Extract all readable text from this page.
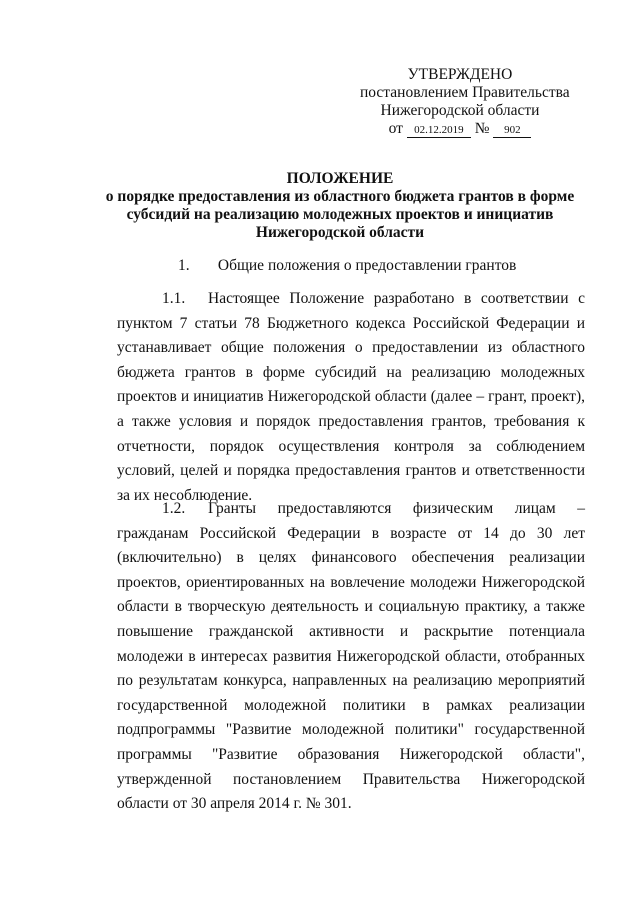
УТВЕРЖДЕНО
постановлением Правительства
Нижегородской области
от 02.12.2019 № 902
ПОЛОЖЕНИЕ
о порядке предоставления из областного бюджета грантов в форме
субсидий на реализацию молодежных проектов и инициатив
Нижегородской области
1. Общие положения о предоставлении грантов

1.1. Настоящее Положение разработано в соответствии с пунктом 7 статьи 78 Бюджетного кодекса Российской Федерации и устанавливает общие положения о предоставлении из областного бюджета грантов в форме субсидий на реализацию молодежных проектов и инициатив Нижегородской области (далее – грант, проект), а также условия и порядок предоставления грантов, требования к отчетности, порядок осуществления контроля за соблюдением условий, целей и порядка предоставления грантов и ответственности за их несоблюдение.

1.2. Гранты предоставляются физическим лицам – гражданам Российской Федерации в возрасте от 14 до 30 лет (включительно) в целях финансового обеспечения реализации проектов, ориентированных на вовлечение молодежи Нижегородской области в творческую деятельность и социальную практику, а также повышение гражданской активности и раскрытие потенциала молодежи в интересах развития Нижегородской области, отобранных по результатам конкурса, направленных на реализацию мероприятий государственной молодежной политики в рамках реализации подпрограммы "Развитие молодежной политики" государственной программы "Развитие образования Нижегородской области", утвержденной постановлением Правительства Нижегородской области от 30 апреля 2014 г. № 301.
